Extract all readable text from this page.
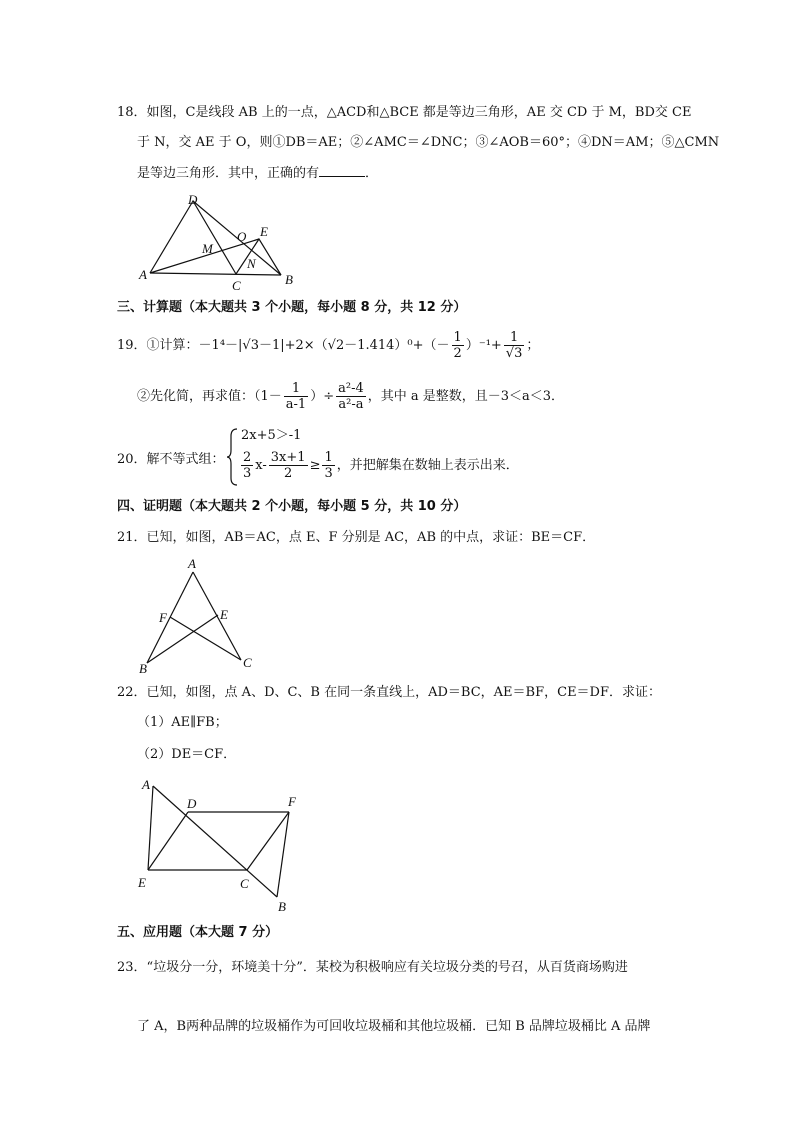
18．如图，C是线段 AB 上的一点，△ACD和△BCE 都是等边三角形，AE 交 CD 于 M，BD交 CE
于 N，交 AE 于 O，则①DB＝AE；②∠AMC＝∠DNC；③∠AOB＝60°；④DN＝AM；⑤△CMN
是等边三角形．其中，正确的有	．
D
E
O
M
N
A
C	B
A
F	E
B	C
A
D	F
E	C
B
三、计算题（本大题共 3 个小题，每小题 8 分，共 12 分）
19．①计算：$-1^4-|√3-1|+2\times(√2-1.414)^0+(- \frac{1}{2} )^{-1}+ \frac{1}{√3}$ ；
②先化简，再求值：（$1- \frac{1}{a-1}$ ）÷ $\frac{\text{a²-4}}{\text{a²-a}}$ ，其中 a 是整数，且－3＜a＜3．
20．解不等式组：
2x+5＞-1
$\frac{2}{3} x- \frac{3x+1}{2} \ge \frac{1}{3}$ ，并把解集在数轴上表示出来．
四、证明题（本大题共 2 个小题，每小题 5 分，共 10 分）
21．已知，如图，AB＝AC，点 E、F 分别是 AC，AB 的中点，求证：BE＝CF．
22．已知，如图，点 A、D、C、B 在同一条直线上，AD＝BC，AE＝BF，CE＝DF．求证：
（1）AE∥FB；
（2）DE＝CF．
五、应用题（本大题 7 分）
23．“垃圾分一分，环境美十分”．某校为积极响应有关垃圾分类的号召，从百货商场购进
了 A，B两种品牌的垃圾桶作为可回收垃圾桶和其他垃圾桶．已知 B 品牌垃圾桶比 A 品牌
